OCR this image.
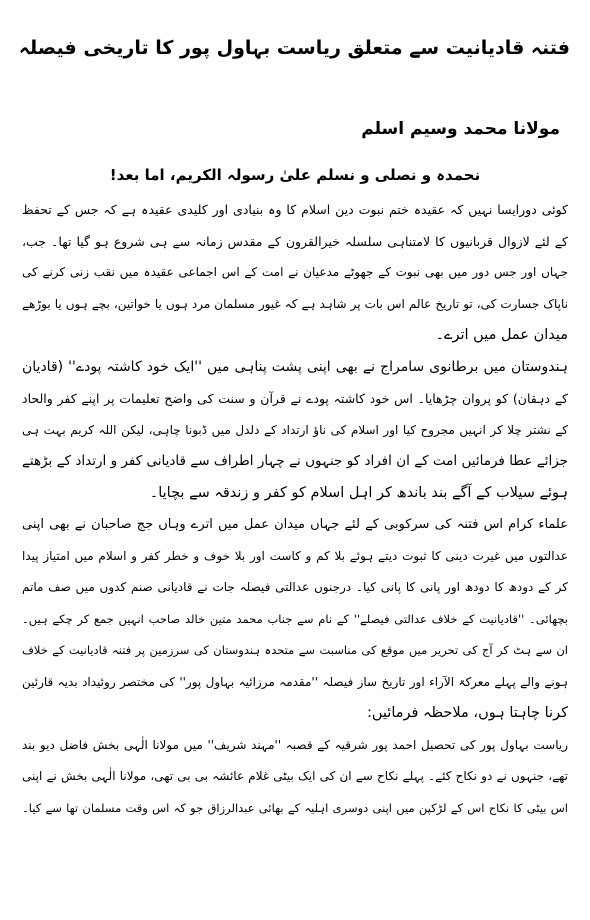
فتنہ قادیانیت سے متعلق ریاست بہاول پور کا تاریخی فیصلہ
مولانا محمد وسیم اسلم
نحمدہ و نصلی و نسلم علیٰ رسولہ الکریم، اما بعد!
کوئی دورایسا نہیں کہ عقیدہ ختم نبوت دین اسلام کا وہ بنیادی اور کلیدی عقیدہ ہے کہ جس کے تحفظ
کے لئے لازوال قربانیوں کا لامتناہی سلسلہ خیرالقرون کے مقدس زمانہ سے ہی شروع ہو گیا تھا۔ جب،
جہاں اور جس دور میں بھی نبوت کے جھوٹے مدعیان نے امت کے اس اجماعی عقیدہ میں نقب زنی کرنے کی
ناپاک جسارت کی، تو تاریخ عالم اس بات پر شاہد ہے کہ غیور مسلمان مرد ہوں یا خواتین، بچے ہوں یا بوڑھے
میدان عمل میں اترے۔
ہندوستان میں برطانوی سامراج نے بھی اپنی پشت پناہی میں ''ایک خود کاشتہ پودے'' (قادیان
کے دہقان) کو پروان چڑھایا۔ اس خود کاشتہ پودے نے قرآن و سنت کی واضح تعلیمات پر اپنے کفر والحاد
کے نشتر چلا کر انہیں مجروح کیا اور اسلام کی ناؤ ارتداد کے دلدل میں ڈبونا چاہی، لیکن اللہ کریم بہت ہی
جزائے عطا فرمائیں امت کے ان افراد کو جنہوں نے چہار اطراف سے قادیانی کفر و ارتداد کے بڑھتے
ہوئے سیلاب کے آگے بند باندھ کر اہل اسلام کو کفر و زندقہ سے بچایا۔
علماء کرام اس فتنہ کی سرکوبی کے لئے جہاں میدان عمل میں اترے وہاں جج صاحبان نے بھی اپنی
عدالتوں میں غیرت دینی کا ثبوت دیتے ہوئے بلا کم و کاست اور بلا خوف و خطر کفر و اسلام میں امتیاز پیدا
کر کے دودھ کا دودھ اور پانی کا پانی کیا۔ درجنوں عدالتی فیصلہ جات نے قادیانی صنم کدوں میں صف ماتم
بچھائی۔ ''قادیانیت کے خلاف عدالتی فیصلے'' کے نام سے جناب محمد متین خالد صاحب انہیں جمع کر چکے ہیں۔
ان سے ہٹ کر آج کی تحریر میں موقع کی مناسبت سے متحدہ ہندوستان کی سرزمین پر فتنہ قادیانیت کے خلاف
ہونے والے پہلے معرکۃ الآراء اور تاریخ ساز فیصلہ ''مقدمہ مرزائیہ بہاول پور'' کی مختصر روئیداد بدیہ قارئین
کرنا چاہتا ہوں، ملاحظہ فرمائیں:
ریاست بہاول پور کی تحصیل احمد پور شرقیہ کے قصبہ ''مہند شریف'' میں مولانا الٰہی بخش فاضل دیو بند
تھے، جنہوں نے دو نکاح کئے۔ پہلے نکاح سے ان کی ایک بیٹی غلام عائشہ بی بی تھی، مولانا الٰہی بخش نے اپنی
اس بیٹی کا نکاح اس کے لڑکپن میں اپنی دوسری اہلیہ کے بھائی عبدالرزاق جو کہ اس وقت مسلمان تھا سے کیا۔
